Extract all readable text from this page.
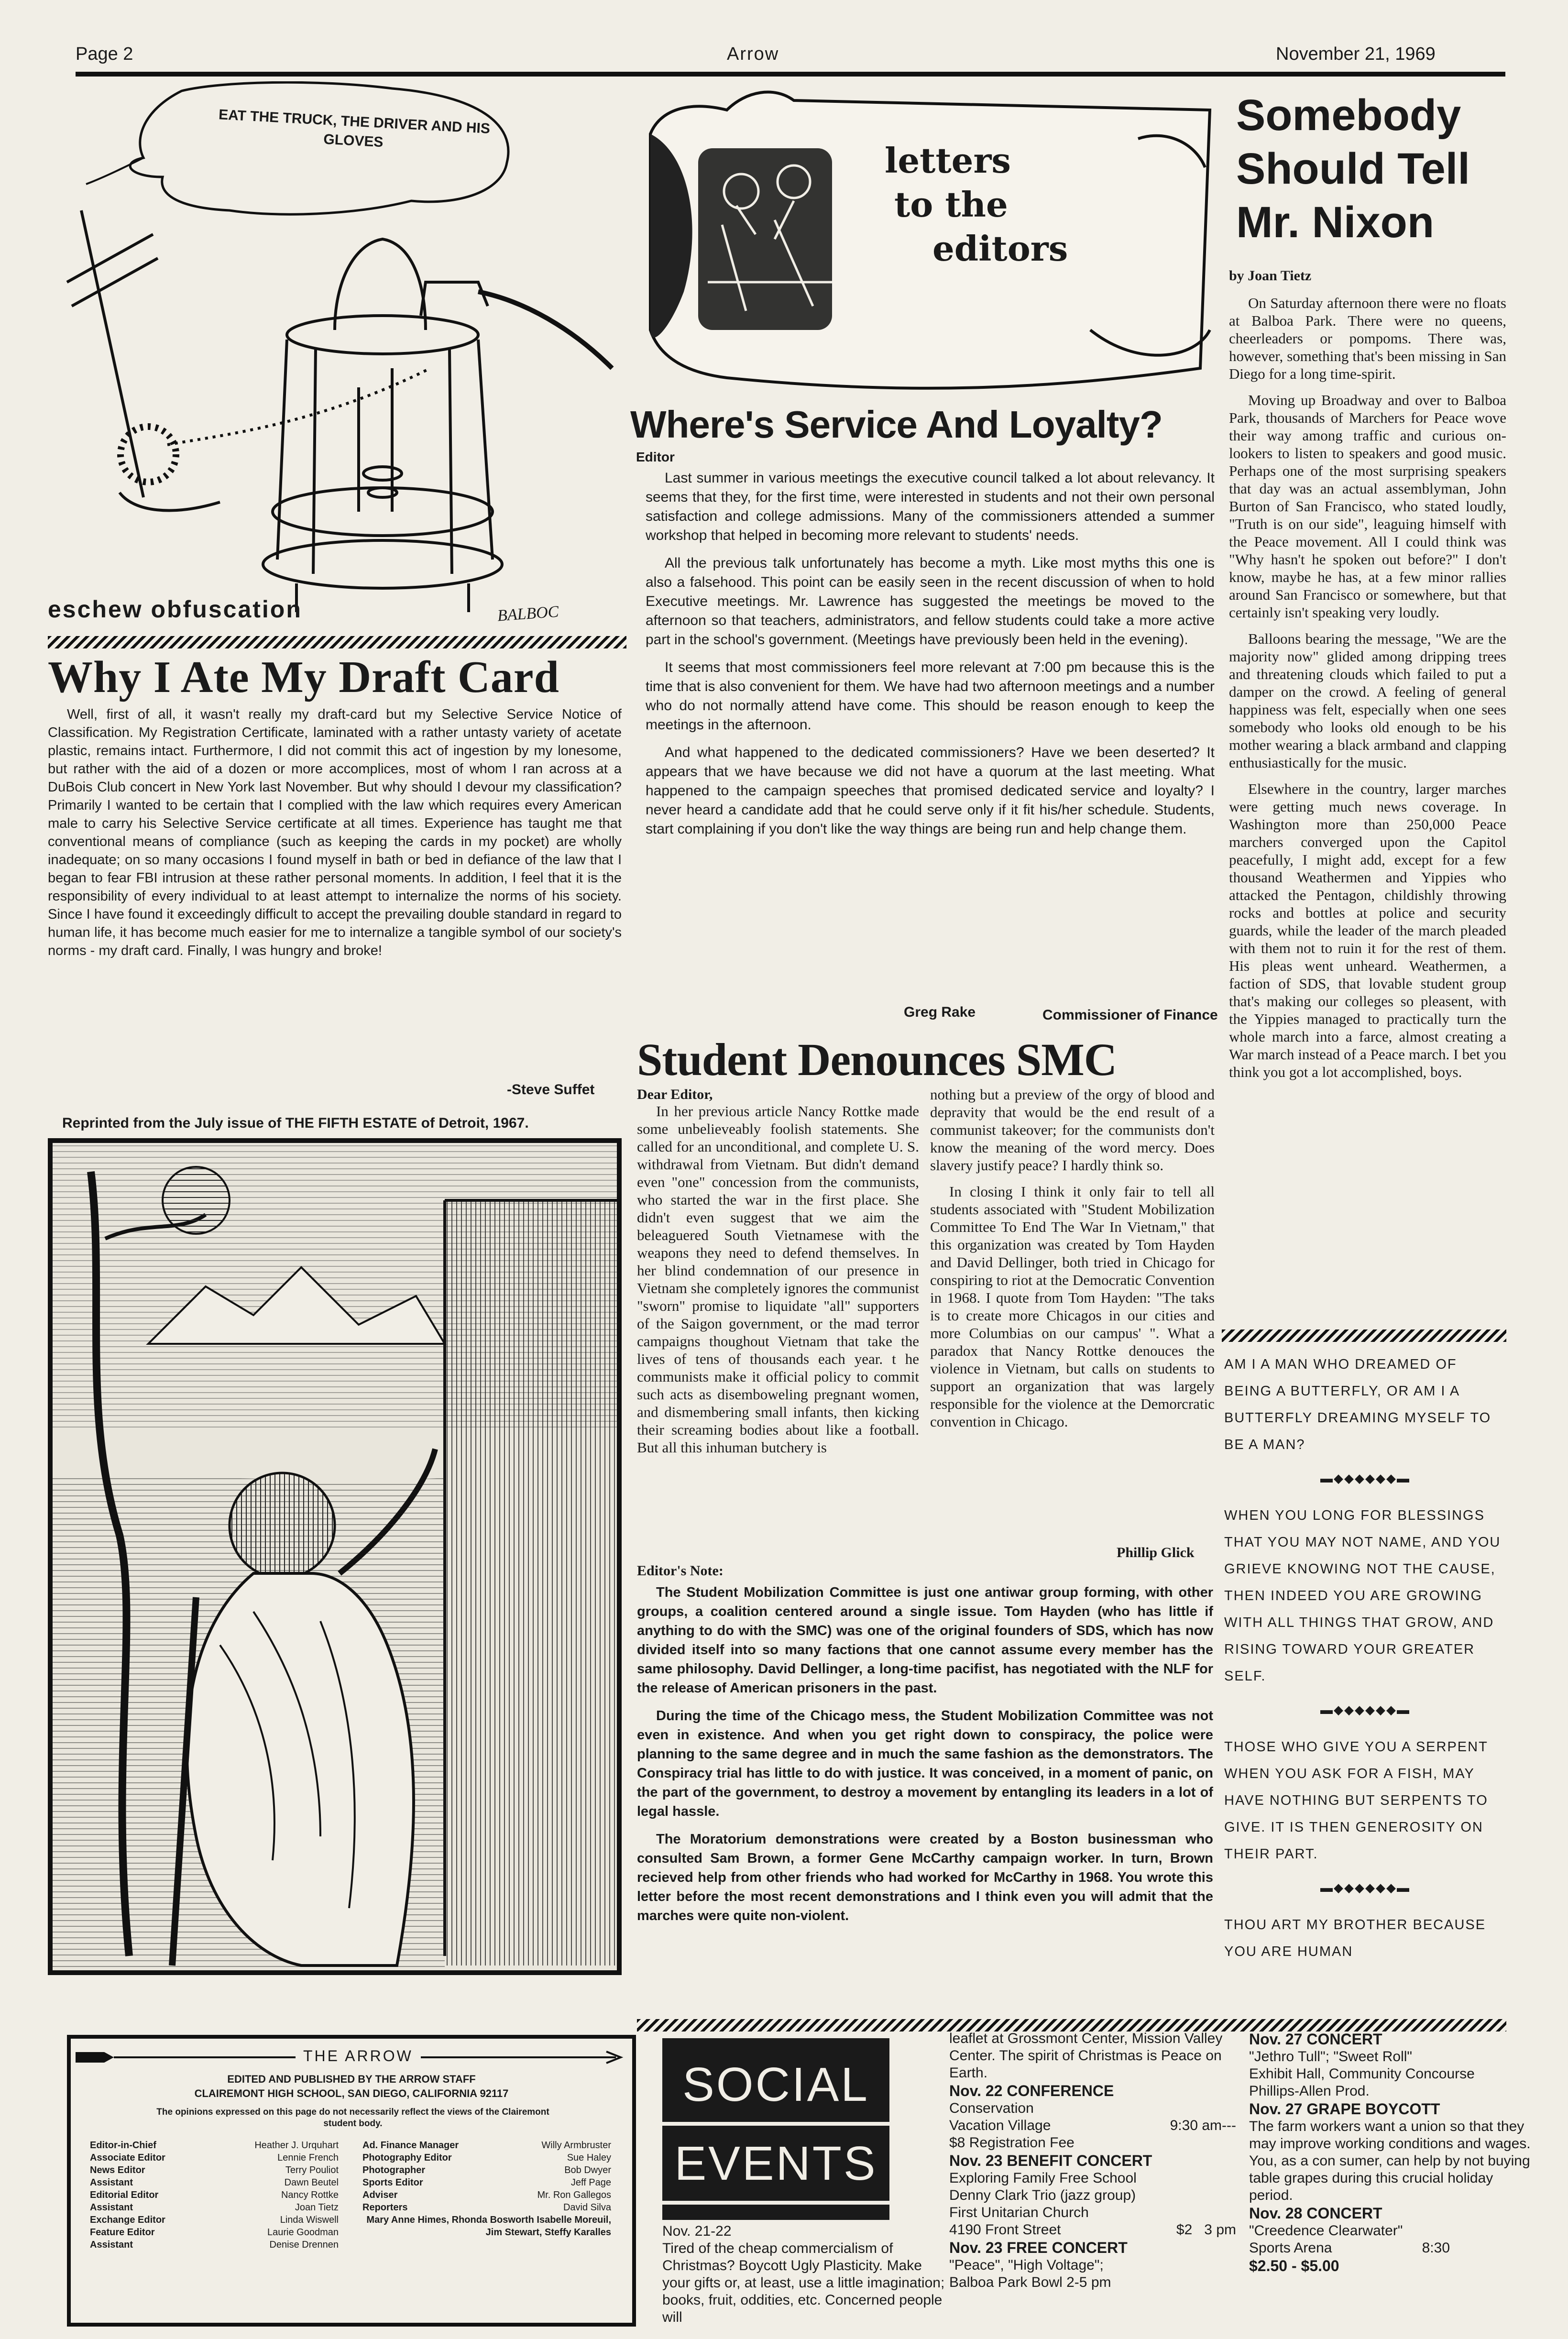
Page 2	Arrow	November 21, 1969
EAT THE TRUCK, THE DRIVER AND HIS GLOVES
eschew obfuscation	BALBOC
letters
to the
editors
Where's Service And Loyalty?
Editor

Last summer in various meetings the executive council talked a lot about relevancy. It seems that they, for the first time, were interested in students and not their own personal satisfaction and college admissions. Many of the commissioners attended a summer workshop that helped in becoming more relevant to students' needs.

All the previous talk unfortunately has become a myth. Like most myths this one is also a falsehood. This point can be easily seen in the recent discussion of when to hold Executive meetings. Mr. Lawrence has suggested the meetings be moved to the afternoon so that teachers, administrators, and fellow students could take a more active part in the school's government. (Meetings have previously been held in the evening).

It seems that most commissioners feel more relevant at 7:00 pm because this is the time that is also convenient for them. We have had two afternoon meetings and a number who do not normally attend have come. This should be reason enough to keep the meetings in the afternoon.

And what happened to the dedicated commissioners? Have we been deserted? It appears that we have because we did not have a quorum at the last meeting. What happened to the campaign speeches that promised dedicated service and loyalty? I never heard a candidate add that he could serve only if it fit his/her schedule. Students, start complaining if you don't like the way things are being run and help change them.

Greg Rake	Commissioner of Finance
Somebody
Should Tell
Mr. Nixon
by Joan Tietz

On Saturday afternoon there were no floats at Balboa Park. There were no queens, cheerleaders or pompoms. There was, however, something that's been missing in San Diego for a long time-spirit.

Moving up Broadway and over to Balboa Park, thousands of Marchers for Peace wove their way among traffic and curious on-lookers to listen to speakers and good music. Perhaps one of the most surprising speakers that day was an actual assemblyman, John Burton of San Francisco, who stated loudly, "Truth is on our side", leaguing himself with the Peace movement. All I could think was "Why hasn't he spoken out before?" I don't know, maybe he has, at a few minor rallies around San Francisco or somewhere, but that certainly isn't speaking very loudly.

Balloons bearing the message, "We are the majority now" glided among dripping trees and threatening clouds which failed to put a damper on the crowd. A feeling of general happiness was felt, especially when one sees somebody who looks old enough to be his mother wearing a black armband and clapping enthusiastically for the music.

Elsewhere in the country, larger marches were getting much news coverage. In Washington more than 250,000 Peace marchers converged upon the Capitol peacefully, I might add, except for a few thousand Weathermen and Yippies who attacked the Pentagon, childishly throwing rocks and bottles at police and security guards, while the leader of the march pleaded with them not to ruin it for the rest of them. His pleas went unheard. Weathermen, a faction of SDS, that lovable student group that's making our colleges so pleasent, with the Yippies managed to practically turn the whole march into a farce, almost creating a War march instead of a Peace march. I bet you think you got a lot accomplished, boys.

Why I Ate My Draft Card

Well, first of all, it wasn't really my draft-card but my Selective Service Notice of Classification. My Registration Certificate, laminated with a rather untasty variety of acetate plastic, remains intact. Furthermore, I did not commit this act of ingestion by my lonesome, but rather with the aid of a dozen or more accomplices, most of whom I ran across at a DuBois Club concert in New York last November. But why should I devour my classification? Primarily I wanted to be certain that I complied with the law which requires every American male to carry his Selective Service certificate at all times. Experience has taught me that conventional means of compliance (such as keeping the cards in my pocket) are wholly inadequate; on so many occasions I found myself in bath or bed in defiance of the law that I began to fear FBI intrusion at these rather personal moments. In addition, I feel that it is the responsibility of every individual to at least attempt to internalize the norms of his society. Since I have found it exceedingly difficult to accept the prevailing double standard in regard to human life, it has become much easier for me to internalize a tangible symbol of our society's norms - my draft card. Finally, I was hungry and broke!

-Steve Suffet
Reprinted from the July issue of THE FIFTH ESTATE of Detroit, 1967.
Student Denounces SMC
Dear Editor,

In her previous article Nancy Rottke made some unbelieveably foolish statements. She called for an unconditional, and complete U. S. withdrawal from Vietnam. But didn't demand even "one" concession from the communists, who started the war in the first place. She didn't even suggest that we aim the beleaguered South Vietnamese with the weapons they need to defend themselves. In her blind condemnation of our presence in Vietnam she completely ignores the communist "sworn" promise to liquidate "all" supporters of the Saigon government, or the mad terror campaigns thoughout Vietnam that take the lives of tens of thousands each year. t he communists make it official policy to commit such acts as disemboweling pregnant women, and dismembering small infants, then kicking their screaming bodies about like a football. But all this inhuman butchery is

nothing but a preview of the orgy of blood and depravity that would be the end result of a communist takeover; for the communists don't know the meaning of the word mercy. Does slavery justify peace? I hardly think so.

In closing I think it only fair to tell all students associated with "Student Mobilization Committee To End The War In Vietnam," that this organization was created by Tom Hayden and David Dellinger, both tried in Chicago for conspiring to riot at the Democratic Convention in 1968. I quote from Tom Hayden: "The taks is to create more Chicagos in our cities and more Columbias on our campus' ". What a paradox that Nancy Rottke denouces the violence in Vietnam, but calls on students to support an organization that was largely responsible for the violence at the Demorcratic convention in Chicago.

Phillip Glick
Editor's Note:

The Student Mobilization Committee is just one antiwar group forming, with other groups, a coalition centered around a single issue. Tom Hayden (who has little if anything to do with the SMC) was one of the original founders of SDS, which has now divided itself into so many factions that one cannot assume every member has the same philosophy. David Dellinger, a long-time pacifist, has negotiated with the NLF for the release of American prisoners in the past.

During the time of the Chicago mess, the Student Mobilization Committee was not even in existence. And when you get right down to conspiracy, the police were planning to the same degree and in much the same fashion as the demonstrators. The Conspiracy trial has little to do with justice. It was conceived, in a moment of panic, on the part of the government, to destroy a movement by entangling its leaders in a lot of legal hassle.

The Moratorium demonstrations were created by a Boston businessman who consulted Sam Brown, a former Gene McCarthy campaign worker. In turn, Brown recieved help from other friends who had worked for McCarthy in 1968. You wrote this letter before the most recent demonstrations and I think even you will admit that the marches were quite non-violent.

AM I A MAN WHO DREAMED OF BEING A BUTTERFLY, OR AM I A BUTTERFLY DREAMING MYSELF TO BE A MAN?
▬◆◆◆◆◆◆▬
WHEN YOU LONG FOR BLESSINGS THAT YOU MAY NOT NAME, AND YOU GRIEVE KNOWING NOT THE CAUSE, THEN INDEED YOU ARE GROWING WITH ALL THINGS THAT GROW, AND RISING TOWARD YOUR GREATER SELF.
▬◆◆◆◆◆◆▬
THOSE WHO GIVE YOU A SERPENT WHEN YOU ASK FOR A FISH, MAY HAVE NOTHING BUT SERPENTS TO GIVE. IT IS THEN GENEROSITY ON THEIR PART.
▬◆◆◆◆◆◆▬
THOU ART MY BROTHER BECAUSE YOU ARE HUMAN
THE ARROW
EDITED AND PUBLISHED BY THE ARROW STAFF
CLAIREMONT HIGH SCHOOL, SAN DIEGO, CALIFORNIA 92117
The opinions expressed on this page do not necessarily reflect the views of the Clairemont student body.
Editor-in-Chief	Heather J. Urquhart
Associate Editor	Lennie French
News Editor	Terry Pouliot
Assistant	Dawn Beutel
Editorial Editor	Nancy Rottke
Assistant	Joan Tietz
Exchange Editor	Linda Wiswell
Feature Editor	Laurie Goodman
Assistant	Denise Drennen
Ad. Finance Manager	Willy Armbruster
Photography Editor	Sue Haley
Photographer	Bob Dwyer
Sports Editor	Jeff Page
Adviser	Mr. Ron Gallegos
Reporters	David Silva
Mary Anne Himes, Rhonda Bosworth Isabelle Moreuil, Jim Stewart, Steffy Karalles
SOCIAL
EVENTS
Nov. 21-22
Tired of the cheap commercialism of Christmas? Boycott Ugly Plasticity. Make your gifts or, at least, use a little imagination; books, fruit, oddities, etc. Concerned people will
leaflet at Grossmont Center, Mission Valley Center. The spirit of Christmas is Peace on Earth.
Nov. 22 CONFERENCE
Conservation
Vacation Village	9:30 am---
$8 Registration Fee
Nov. 23 BENEFIT CONCERT
Exploring Family Free School
Denny Clark Trio (jazz group)
First Unitarian Church
4190 Front Street	$2 3 pm
Nov. 23 FREE CONCERT
"Peace", "High Voltage";
Balboa Park Bowl 2-5 pm
Nov. 27 CONCERT
"Jethro Tull"; "Sweet Roll"
Exhibit Hall, Community Concourse
Phillips-Allen Prod.
Nov. 27 GRAPE BOYCOTT
The farm workers want a union so that they may improve working conditions and wages. You, as a con sumer, can help by not buying table grapes during this crucial holiday period.
Nov. 28 CONCERT
"Creedence Clearwater"
Sports Arena	8:30
$2.50 - $5.00
